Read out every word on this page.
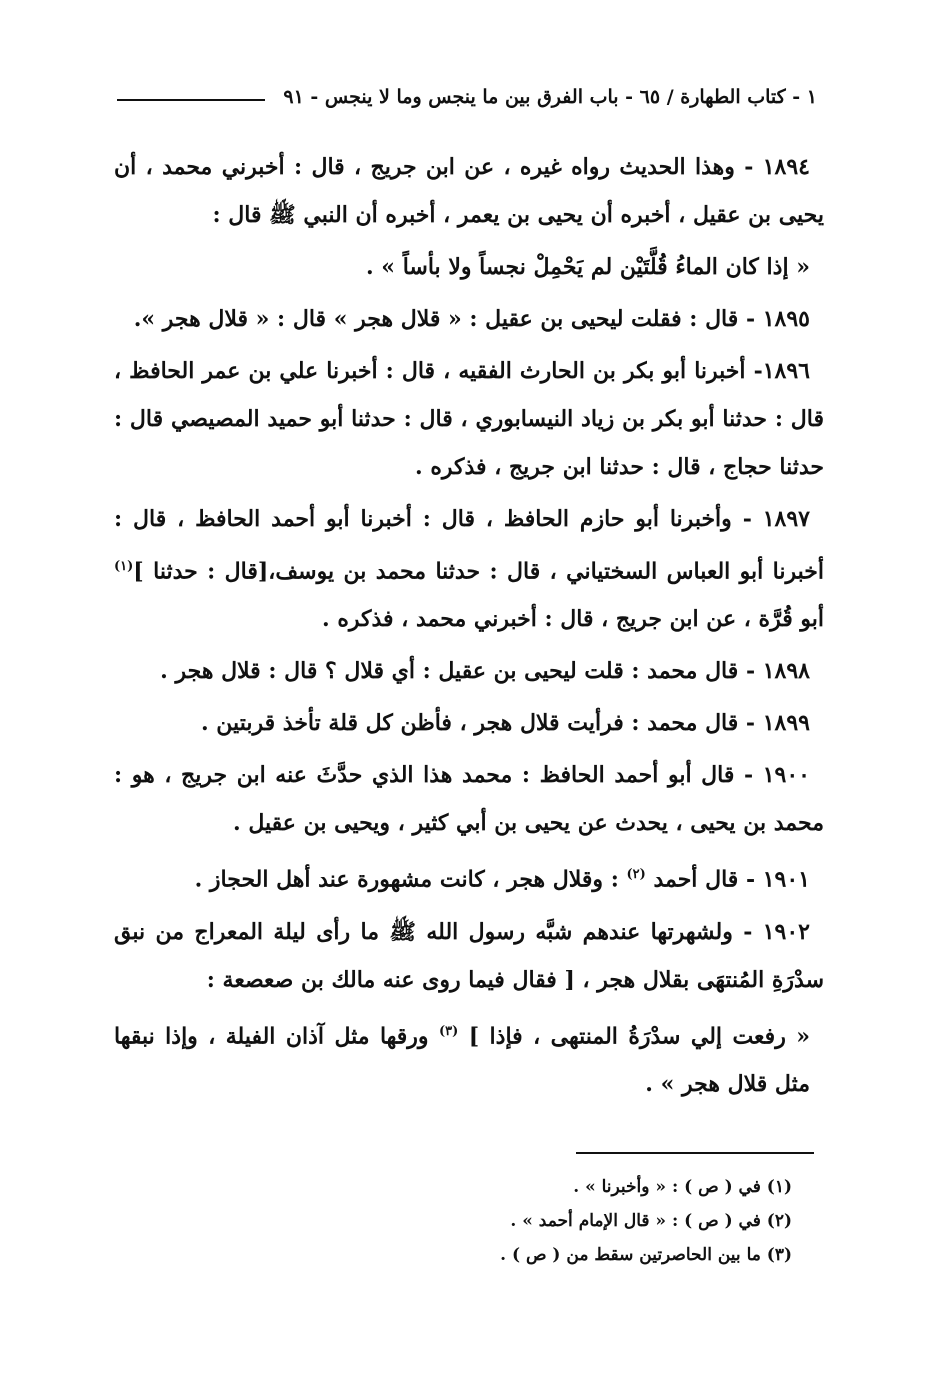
١ - كتاب الطهارة / ٦٥ - باب الفرق بين ما ينجس وما لا ينجس - ٩١

١٨٩٤ - وهذا الحديث رواه غيره ، عن ابن جريج ، قال : أخبرني محمد ، أن يحيى بن عقيل ، أخبره أن يحيى بن يعمر ، أخبره أن النبي ﷺ قال :

« إذا كان الماءُ قُلَّتَيْن لم يَحْمِلْ نجساً ولا بأساً » .

١٨٩٥ - قال : فقلت ليحيى بن عقيل : « قلال هجر » قال : « قلال هجر ».

١٨٩٦- أخبرنا أبو بكر بن الحارث الفقيه ، قال : أخبرنا علي بن عمر الحافظ ، قال : حدثنا أبو بكر بن زياد النيسابوري ، قال : حدثنا أبو حميد المصيصي قال : حدثنا حجاج ، قال : حدثنا ابن جريج ، فذكره .

١٨٩٧ - وأخبرنا أبو حازم الحافظ ، قال : أخبرنا أبو أحمد الحافظ ، قال : أخبرنا أبو العباس السختياني ، قال : حدثنا محمد بن يوسف،[قال : حدثنا ]$^{(١)}$ أبو قُرَّة ، عن ابن جريج ، قال : أخبرني محمد ، فذكره .

١٨٩٨ - قال محمد : قلت ليحيى بن عقيل : أي قلال ؟ قال : قلال هجر .

١٨٩٩ - قال محمد : فرأيت قلال هجر ، فأظن كل قلة تأخذ قربتين .

١٩٠٠ - قال أبو أحمد الحافظ : محمد هذا الذي حدَّثَ عنه ابن جريج ، هو : محمد بن يحيى ، يحدث عن يحيى بن أبي كثير ، ويحيى بن عقيل .

١٩٠١ - قال أحمد $^{(٢)}$ : وقلال هجر ، كانت مشهورة عند أهل الحجاز .

١٩٠٢ - ولشهرتها عندهم شبَّه رسول الله ﷺ ما رأى ليلة المعراج من نبق سدْرَةِ المُنتهَى بقلال هجر ، [ فقال فيما روى عنه مالك بن صعصعة :

« رفعت إلي سدْرَةُ المنتهى ، فإذا ] $^{(٣)}$ ورقها مثل آذان الفيلة ، وإذا نبقها مثل قلال هجر » .

(١) في ( ص ) : « وأخبرنا » .
(٢) في ( ص ) : « قال الإمام أحمد » .
(٣) ما بين الحاصرتين سقط من ( ص ) .
